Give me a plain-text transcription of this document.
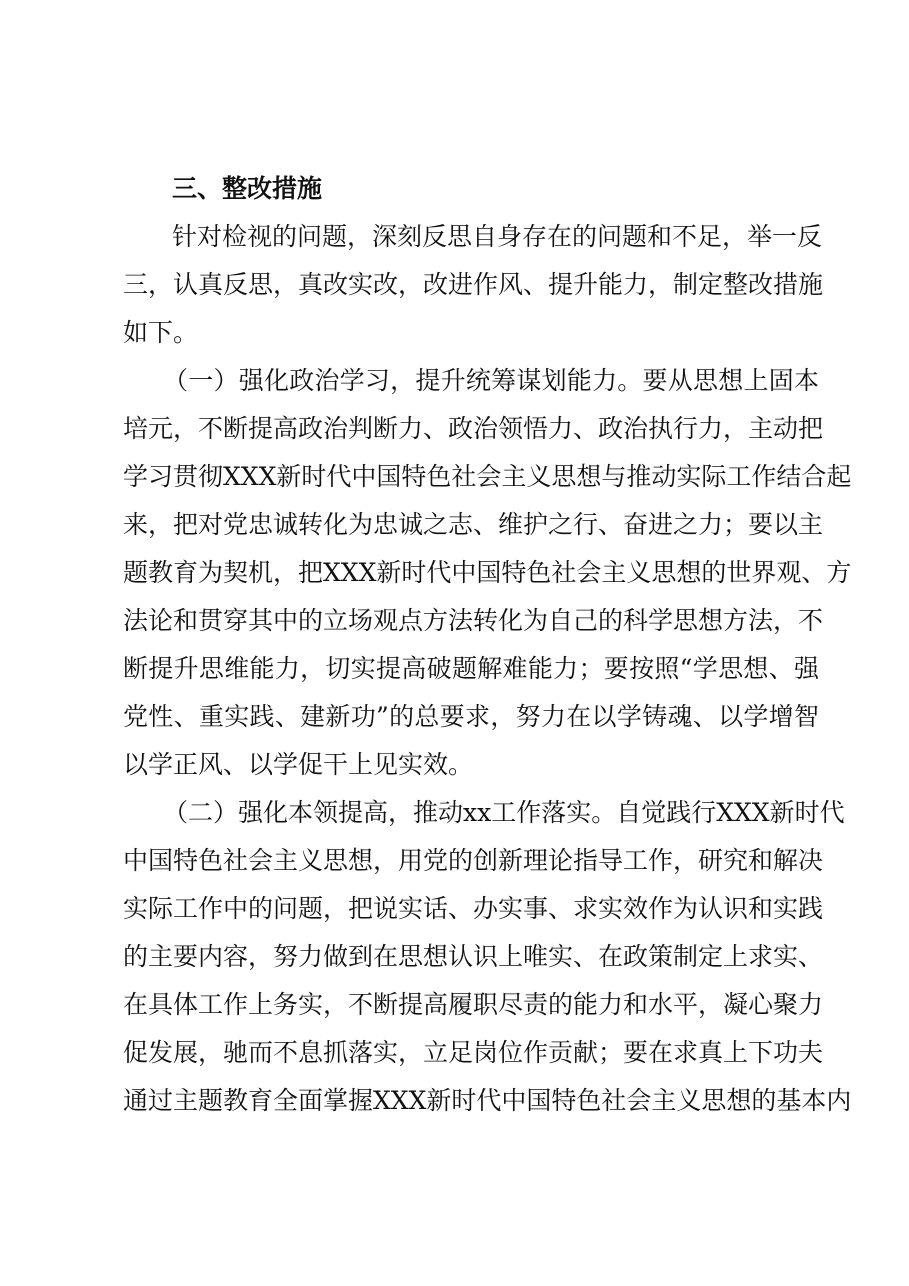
三、整改措施

针对检视的问题，深刻反思自身存在的问题和不足，举一反
三，认真反思，真改实改，改进作风、提升能力，制定整改措施
如下。

（一）强化政治学习，提升统筹谋划能力。要从思想上固本
培元，不断提高政治判断力、政治领悟力、政治执行力，主动把
学习贯彻XXX新时代中国特色社会主义思想与推动实际工作结合起
来，把对党忠诚转化为忠诚之志、维护之行、奋进之力；要以主
题教育为契机，把XXX新时代中国特色社会主义思想的世界观、方
法论和贯穿其中的立场观点方法转化为自己的科学思想方法，不
断提升思维能力，切实提高破题解难能力；要按照“学思想、强
党性、重实践、建新功”的总要求，努力在以学铸魂、以学增智
以学正风、以学促干上见实效。

（二）强化本领提高，推动xx工作落实。自觉践行XXX新时代
中国特色社会主义思想，用党的创新理论指导工作，研究和解决
实际工作中的问题，把说实话、办实事、求实效作为认识和实践
的主要内容，努力做到在思想认识上唯实、在政策制定上求实、
在具体工作上务实，不断提高履职尽责的能力和水平，凝心聚力
促发展，驰而不息抓落实，立足岗位作贡献；要在求真上下功夫
通过主题教育全面掌握XXX新时代中国特色社会主义思想的基本内
